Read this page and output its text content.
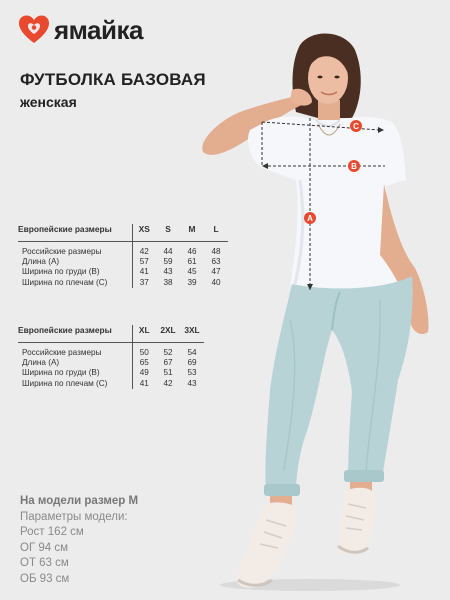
ямайка
ФУТБОЛКА БАЗОВАЯ
женская
Европейские размеры	XS	S	M	L
Российские размеры	42	44	46	48
Длина (А)	57	59	61	63
Ширина по груди (В)	41	43	45	47
Ширина по плечам (С)	37	38	39	40
Европейские размеры	XL	2XL	3XL
Российские размеры	50	52	54
Длина (А)	65	67	69
Ширина по груди (В)	49	51	53
Ширина по плечам (С)	41	42	43
На модели размер M
Параметры модели:
Рост 162 см
ОГ 94 см
ОТ 63 см
ОБ 93 см
C
B
A
